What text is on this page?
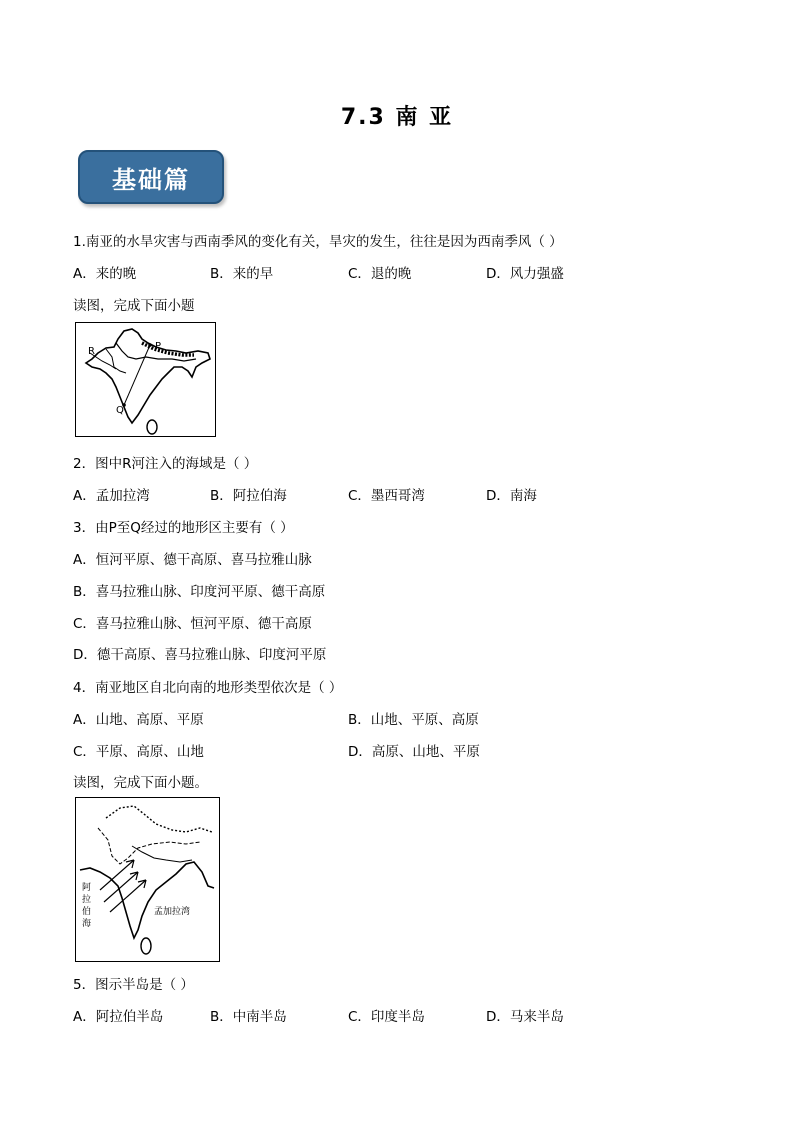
7.3 南 亚
基础篇
1.南亚的水旱灾害与西南季风的变化有关，旱灾的发生，往往是因为西南季风（ ）
A．来的晚	B．来的早	C．退的晚	D．风力强盛
读图，完成下面小题
R	P
Q
2．图中R河注入的海域是（ ）
A．孟加拉湾	B．阿拉伯海	C．墨西哥湾	D．南海
3．由P至Q经过的地形区主要有（ ）
A．恒河平原、德干高原、喜马拉雅山脉
B．喜马拉雅山脉、印度河平原、德干高原
C．喜马拉雅山脉、恒河平原、德干高原
D．德干高原、喜马拉雅山脉、印度河平原
4．南亚地区自北向南的地形类型依次是（ ）
A．山地、高原、平原	B．山地、平原、高原
C．平原、高原、山地	D．高原、山地、平原
读图，完成下面小题。
阿
拉
伯
海
孟加拉湾
5．图示半岛是（ ）
A．阿拉伯半岛	B．中南半岛	C．印度半岛	D．马来半岛
